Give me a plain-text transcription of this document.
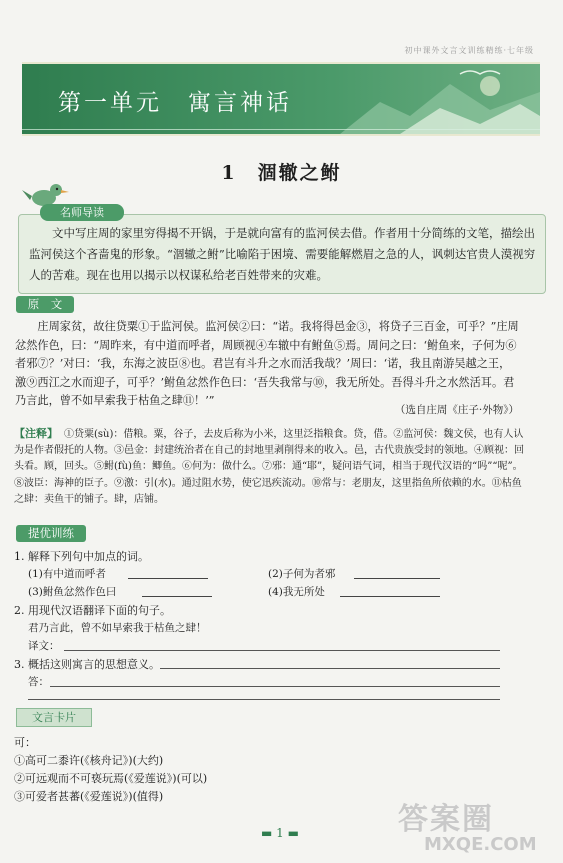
初中课外文言文训练精练·七年级
第一单元　寓言神话
1　涸辙之鲋
文中写庄周的家里穷得揭不开锅，于是就向富有的监河侯去借。作者用十分简练的文笔，描绘出监河侯这个吝啬鬼的形象。“涸辙之鲋”比喻陷于困境、需要能解燃眉之急的人，讽刺达官贵人漠视穷人的苦难。现在也用以揭示以权谋私给老百姓带来的灾难。
名师导读
原　文
庄周家贫，故往贷粟①于监河侯。监河侯②曰：“诺。我将得邑金③，将贷子三百金，可乎？”庄周忿然作色，曰：“周昨来，有中道而呼者，周顾视④车辙中有鲋鱼⑤焉。周问之曰：‘鲋鱼来，子何为⑥者邪⑦？’对曰：‘我，东海之波臣⑧也。君岂有斗升之水而活我哉？’周曰：‘诺，我且南游吴越之王，激⑨西江之水而迎子，可乎？’鲋鱼忿然作色曰：‘吾失我常与⑩，我无所处。吾得斗升之水然活耳。君乃言此，曾不如早索我于枯鱼之肆⑪！’”
（选自庄周《庄子·外物》）
【注释】 ①贷粟(sù)：借粮。粟，谷子，去皮后称为小米，这里泛指粮食。贷，借。②监河侯：魏文侯，也有人认为是作者假托的人物。③邑金：封建统治者在自己的封地里剥削得来的收入。邑，古代贵族受封的领地。④顾视：回头看。顾，回头。⑤鲋(fù)鱼：鲫鱼。⑥何为：做什么。⑦邪：通“耶”，疑问语气词，相当于现代汉语的“吗”“呢”。⑧波臣：海神的臣子。⑨激：引(水)。通过阻水势，使它迅疾流动。⑩常与：老朋友，这里指鱼所依赖的水。⑪枯鱼之肆：卖鱼干的铺子。肆，店铺。
提优训练
1. 解释下列句中加点的词。
(1)有中道而呼者	(2)子何为者邪
(3)鲋鱼忿然作色曰	(4)我无所处
2. 用现代汉语翻译下面的句子。
君乃言此，曾不如早索我于枯鱼之肆！
译文：
3. 概括这则寓言的思想意义。
答：
文言卡片
可：
①高可二黍许(《核舟记》)(大约)
②可远观而不可亵玩焉(《爱莲说》)(可以)
③可爱者甚蕃(《爱莲说》)(值得)
▬ 1 ▬	答案圈
MXQE.COM
